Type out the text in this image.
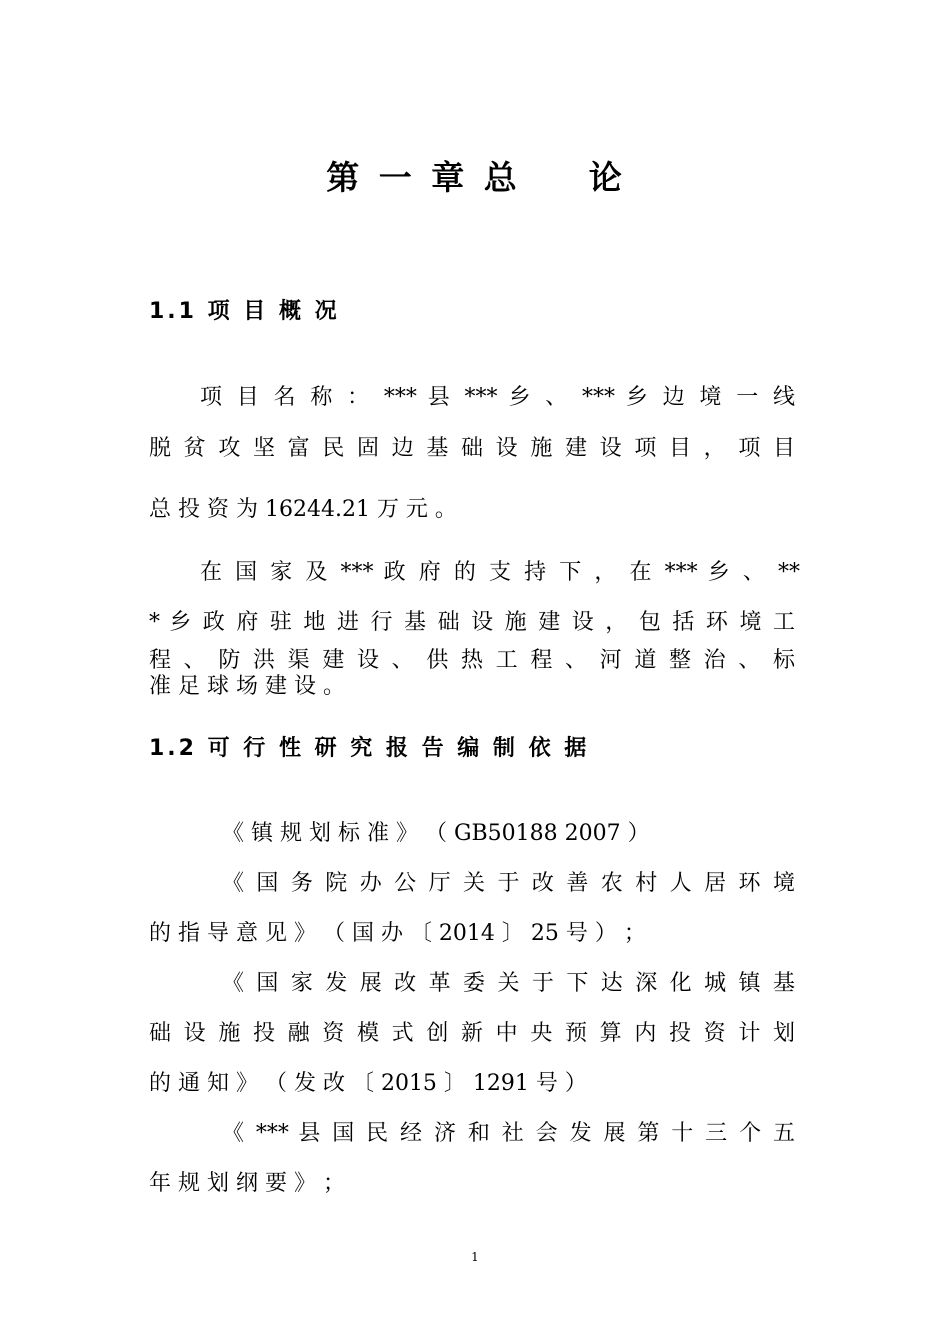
第 一 章 总 　 论
1.1 项 目 概 况
项 目 名 称 ： *** 县 *** 乡 、 *** 乡 边 境 一 线
脱 贫 攻 坚 富 民 固 边 基 础 设 施 建 设 项 目 ， 项 目
总 投 资 为 16244.21 万 元 。
在 国 家 及 *** 政 府 的 支 持 下 ， 在 *** 乡 、 **
* 乡 政 府 驻 地 进 行 基 础 设 施 建 设 ， 包 括 环 境 工
程 、 防 洪 渠 建 设 、 供 热 工 程 、 河 道 整 治 、 标
准 足 球 场 建 设 。
1.2 可 行 性 研 究 报 告 编 制 依 据
《 镇 规 划 标 准 》 （ GB50188 2007 ）
《 国 务 院 办 公 厅 关 于 改 善 农 村 人 居 环 境
的 指 导 意 见 》 （ 国 办 〔 2014 〕 25 号 ） ；
《 国 家 发 展 改 革 委 关 于 下 达 深 化 城 镇 基
础 设 施 投 融 资 模 式 创 新 中 央 预 算 内 投 资 计 划
的 通 知 》 （ 发 改 〔 2015 〕 1291 号 ）
《 *** 县 国 民 经 济 和 社 会 发 展 第 十 三 个 五
年 规 划 纲 要 》 ；
1
